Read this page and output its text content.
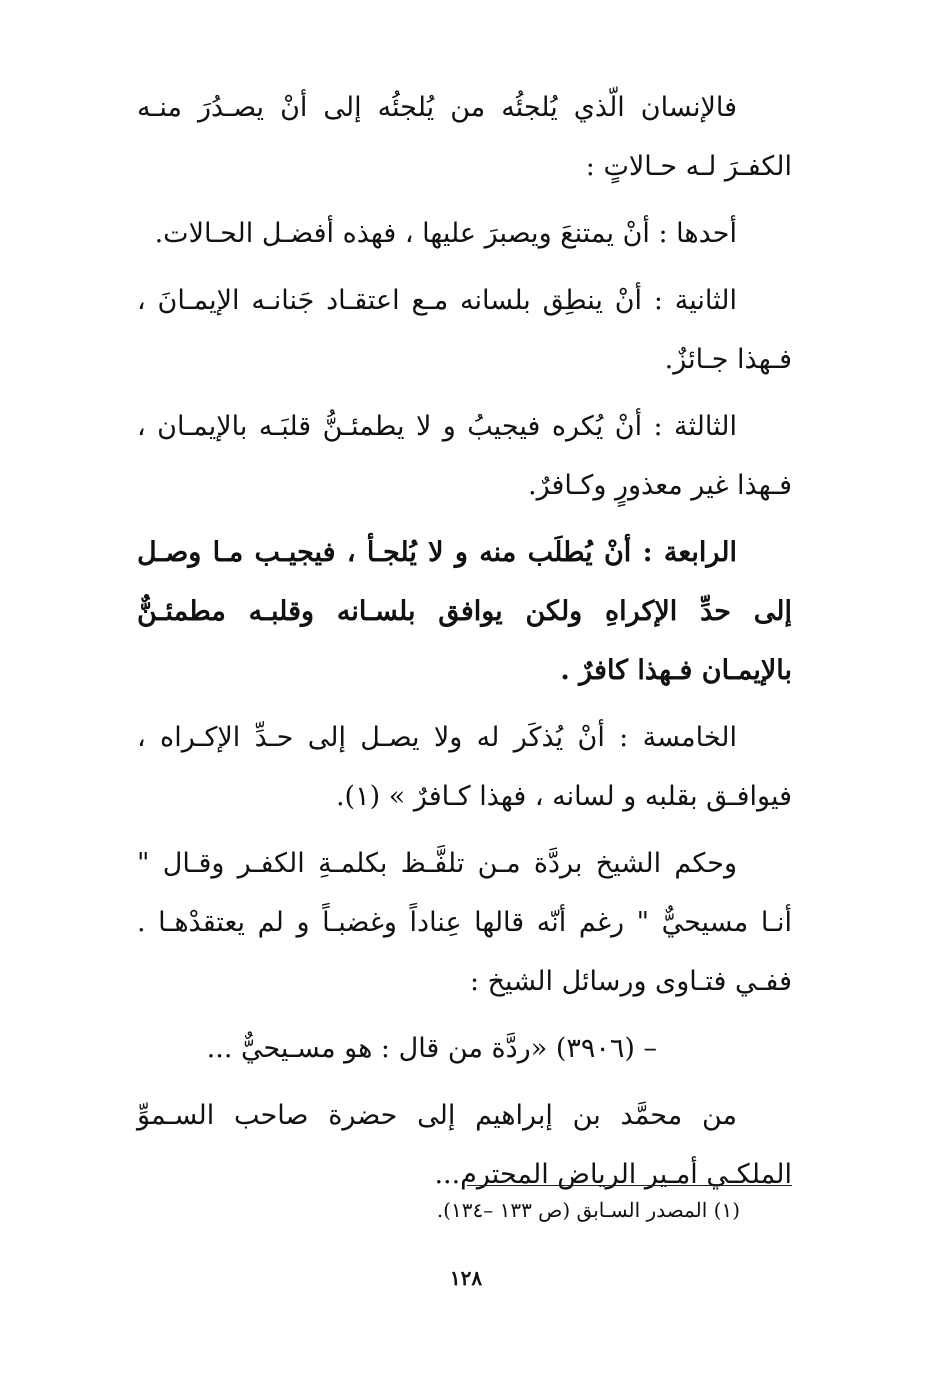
فالإنسان الّذي يُلجئُه من يُلجئُه إلى أنْ يصـدُرَ منـه الكفـرَ لـه حـالاتٍ :

أحدها : أنْ يمتنعَ ويصبرَ عليها ، فهذه أفضـل الحـالات.

الثانية : أنْ ينطِق بلسانه مـع اعتقـاد جَنانـه الإيمـانَ ، فـهذا جـائزٌ.

الثالثة : أنْ يُكره فيجيبُ و لا يطمئـنُّ قلبَـه بالإيمـان ، فـهذا غير معذورٍ وكـافرٌ.

الرابعة : أنْ يُطلَب منه و لا يُلجـأ ، فيجيـب مـا وصـل إلى حدِّ الإكراهِ ولكن يوافق بلسـانه وقلبـه مطمئـنٌّ بالإيمـان فـهذا كافرٌ .

الخامسة : أنْ يُذكَر له ولا يصـل إلى حـدِّ الإكـراه ، فيوافـق بقلبه و لسانه ، فهذا كـافرٌ » (١).

وحكم الشيخ بردَّة مـن تلفَّـظ بكلمـةِ الكفـر وقـال " أنـا مسيحيٌّ " رغم أنّه قالها عِناداً وغضبـاً و لم يعتقدْهـا . ففـي فتـاوى ورسائل الشيخ :

– (٣٩٠٦) «ردَّة من قال : هو مسـيحيٌّ ...

من محمَّد بن إبراهيم إلى حضرة صاحب السـموِّ الملكـي أمـير الرياض المحترم...

(١) المصدر السـابق (ص ١٣٣ –١٣٤).
١٢٨
